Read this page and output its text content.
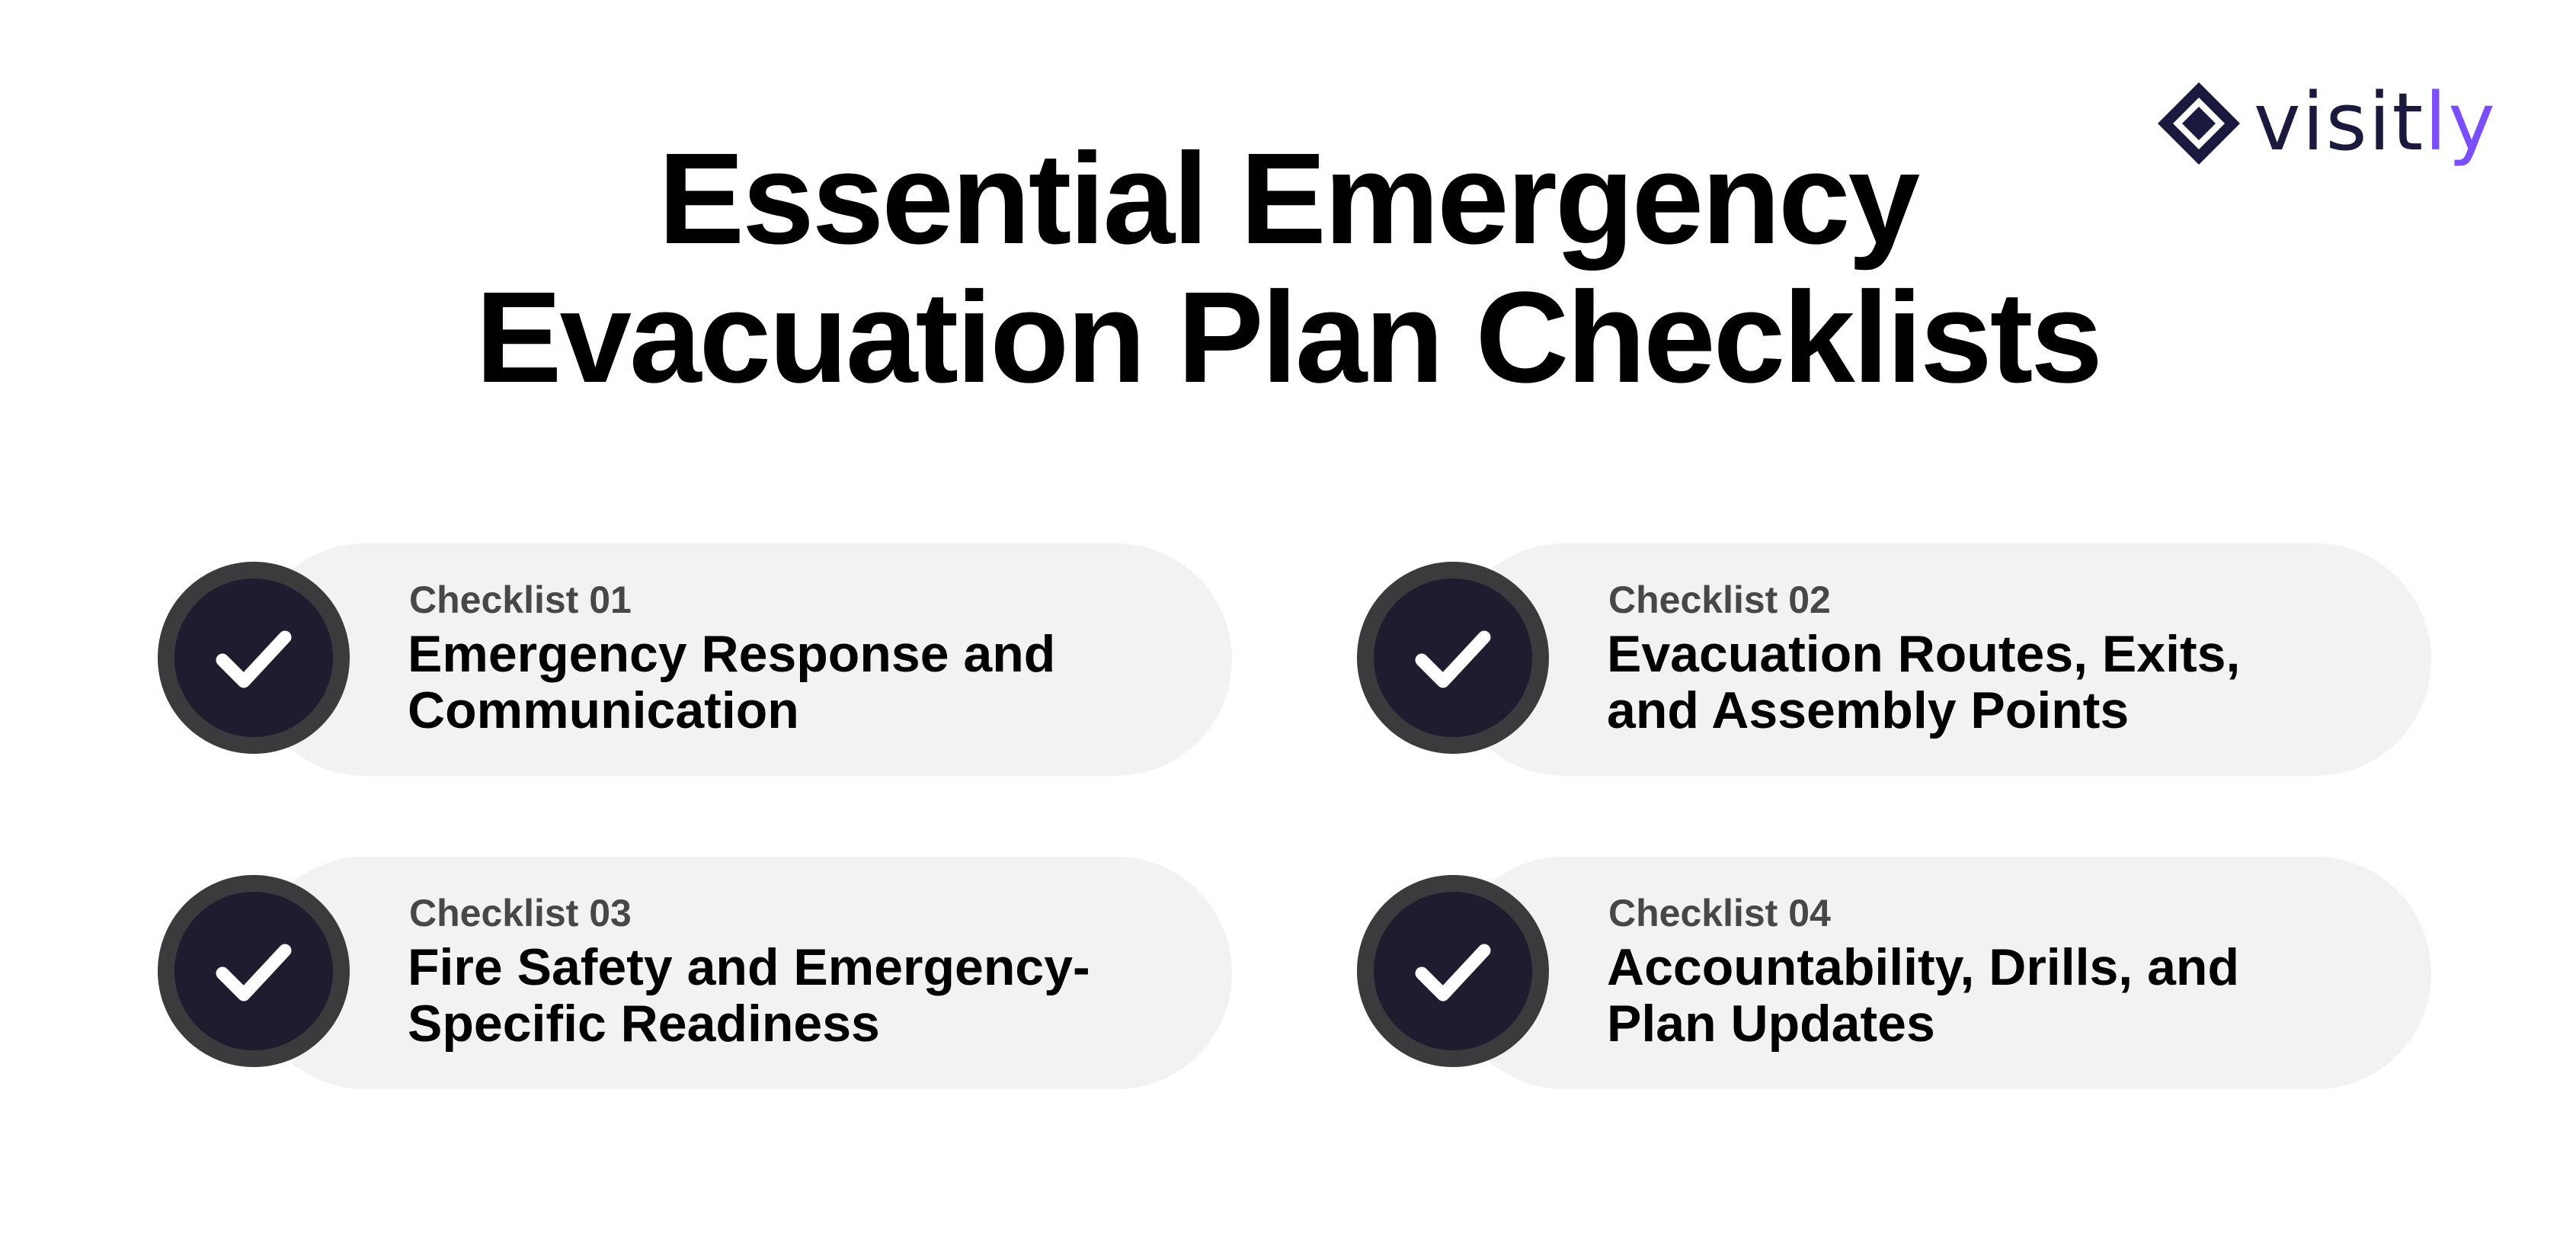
Essential Emergency
Evacuation Plan Checklists
visitly
Checklist 01
Emergency Response and
Communication
Checklist 02
Evacuation Routes, Exits,
and Assembly Points
Checklist 03
Fire Safety and Emergency-
Specific Readiness
Checklist 04
Accountability, Drills, and
Plan Updates
